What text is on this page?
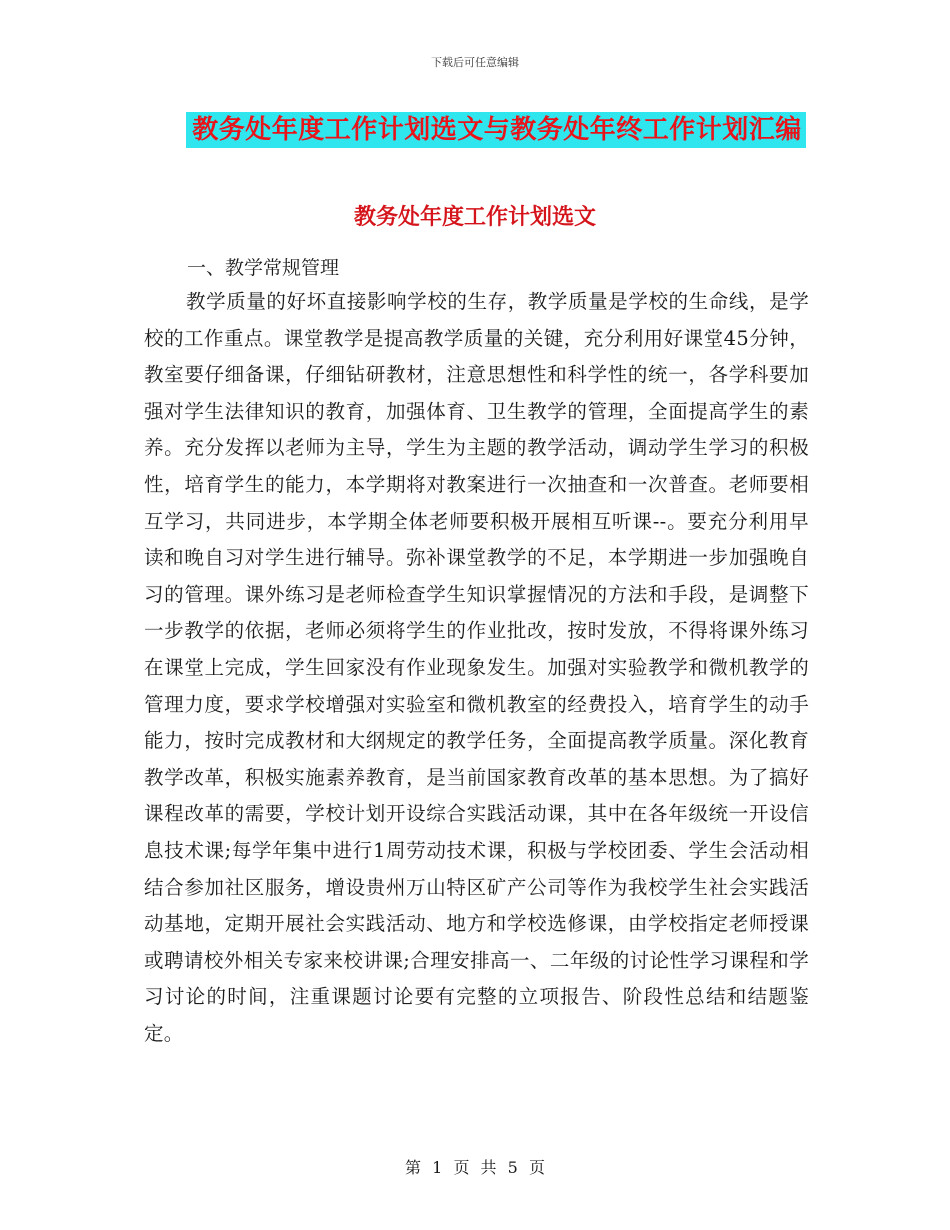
下载后可任意编辑
教务处年度工作计划选文与教务处年终工作计划汇编
教务处年度工作计划选文
一、教学常规管理

教学质量的好坏直接影响学校的生存，教学质量是学校的生命线，是学校的工作重点。课堂教学是提高教学质量的关键，充分利用好课堂45分钟，教室要仔细备课，仔细钻研教材，注意思想性和科学性的统一，各学科要加强对学生法律知识的教育，加强体育、卫生教学的管理，全面提高学生的素养。充分发挥以老师为主导，学生为主题的教学活动，调动学生学习的积极性，培育学生的能力，本学期将对教案进行一次抽查和一次普查。老师要相互学习，共同进步，本学期全体老师要积极开展相互听课--。要充分利用早读和晚自习对学生进行辅导。弥补课堂教学的不足，本学期进一步加强晚自习的管理。课外练习是老师检查学生知识掌握情况的方法和手段，是调整下一步教学的依据，老师必须将学生的作业批改，按时发放，不得将课外练习在课堂上完成，学生回家没有作业现象发生。加强对实验教学和微机教学的管理力度，要求学校增强对实验室和微机教室的经费投入，培育学生的动手能力，按时完成教材和大纲规定的教学任务，全面提高教学质量。深化教育教学改革，积极实施素养教育，是当前国家教育改革的基本思想。为了搞好课程改革的需要，学校计划开设综合实践活动课，其中在各年级统一开设信息技术课;每学年集中进行1周劳动技术课，积极与学校团委、学生会活动相结合参加社区服务，增设贵州万山特区矿产公司等作为我校学生社会实践活动基地，定期开展社会实践活动、地方和学校选修课，由学校指定老师授课或聘请校外相关专家来校讲课;合理安排高一、二年级的讨论性学习课程和学习讨论的时间，注重课题讨论要有完整的立项报告、阶段性总结和结题鉴定。

第 1 页 共 5 页
